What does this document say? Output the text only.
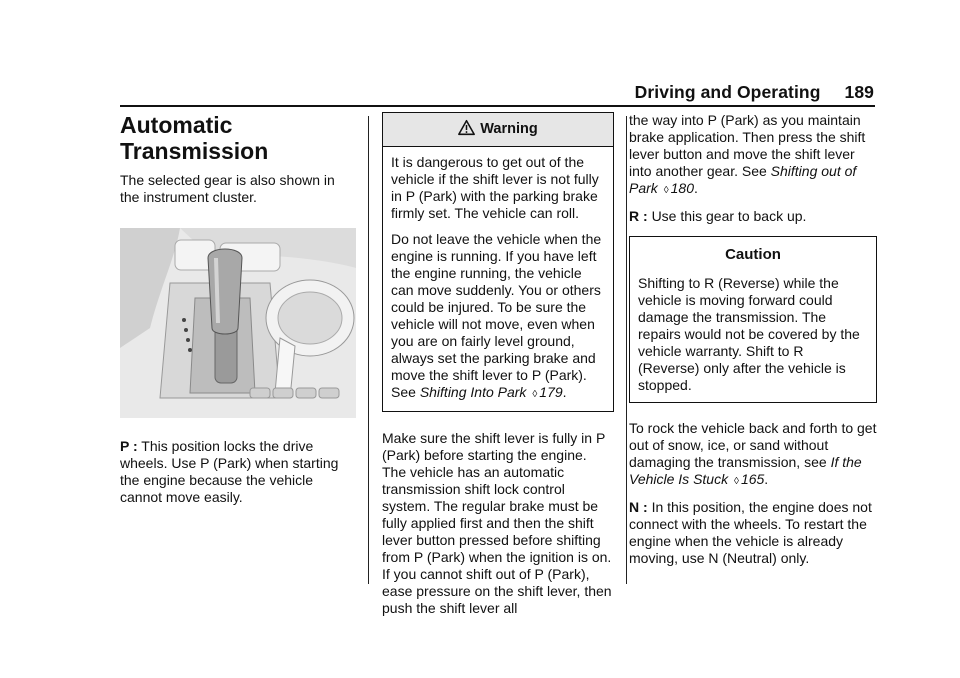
Driving and Operating 189
Automatic
Transmission

The selected gear is also shown in the instrument cluster.

P : This position locks the drive wheels. Use P (Park) when starting the engine because the vehicle cannot move easily.

Warning

It is dangerous to get out of the vehicle if the shift lever is not fully in P (Park) with the parking brake firmly set. The vehicle can roll.

Do not leave the vehicle when the engine is running. If you have left the engine running, the vehicle can move suddenly. You or others could be injured. To be sure the vehicle will not move, even when you are on fairly level ground, always set the parking brake and move the shift lever to P (Park). See Shifting Into Park ◊ 179.

Make sure the shift lever is fully in P (Park) before starting the engine. The vehicle has an automatic transmission shift lock control system. The regular brake must be fully applied first and then the shift lever button pressed before shifting from P (Park) when the ignition is on. If you cannot shift out of P (Park), ease pressure on the shift lever, then push the shift lever all

the way into P (Park) as you maintain brake application. Then press the shift lever button and move the shift lever into another gear. See Shifting out of Park ◊ 180.

R : Use this gear to back up.

Caution

Shifting to R (Reverse) while the vehicle is moving forward could damage the transmission. The repairs would not be covered by the vehicle warranty. Shift to R (Reverse) only after the vehicle is stopped.

To rock the vehicle back and forth to get out of snow, ice, or sand without damaging the transmission, see If the Vehicle Is Stuck ◊ 165.

N : In this position, the engine does not connect with the wheels. To restart the engine when the vehicle is already moving, use N (Neutral) only.
